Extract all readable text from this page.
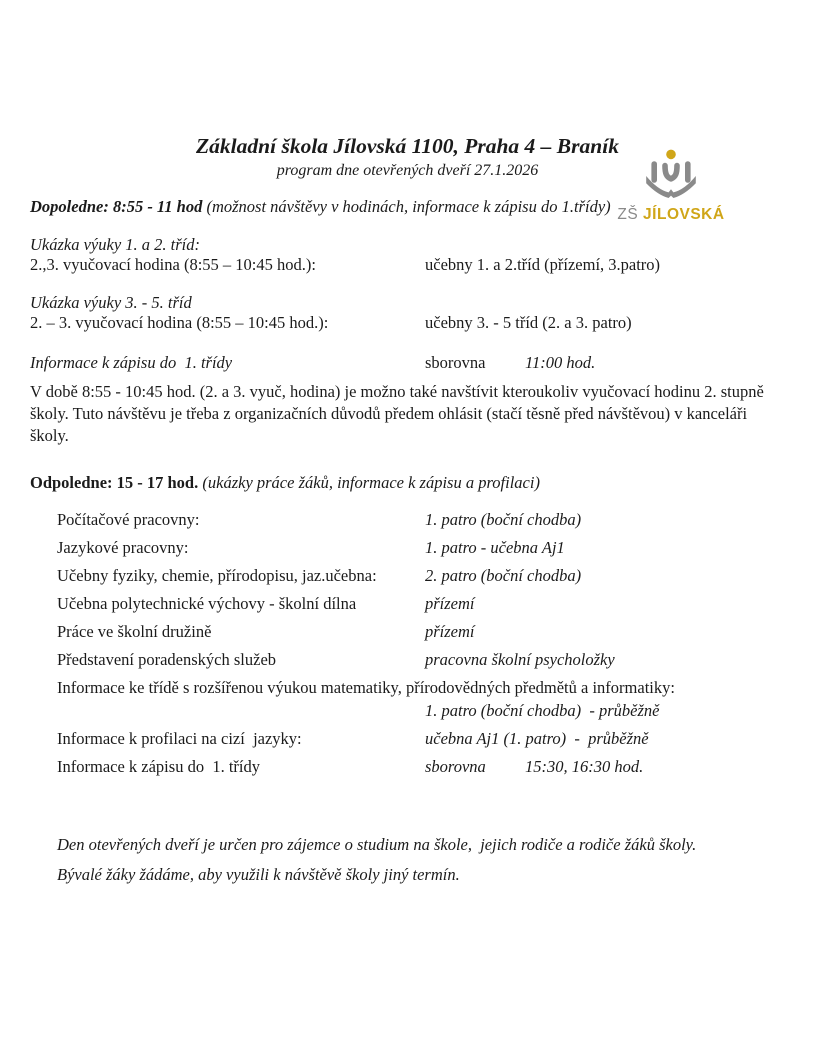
ZŠ JÍLOVSKÁ
Základní škola Jílovská 1100, Praha 4 – Braník

program dne otevřených dveří 27.1.2026

Dopoledne: 8:55 - 11 hod (možnost návštěvy v hodinách, informace k zápisu do 1.třídy)

Ukázka výuky 1. a 2. tříd:

2.,3. vyučovací hodina (8:55 – 10:45 hod.):	učebny 1. a 2.tříd (přízemí, 3.patro)

Ukázka výuky 3. - 5. tříd

2. – 3. vyučovací hodina (8:55 – 10:45 hod.):	učebny 3. - 5 tříd (2. a 3. patro)
Informace k zápisu do  1. třídy	sborovna	11:00 hod.

V době 8:55 - 10:45 hod. (2. a 3. vyuč, hodina) je možno také navštívit kteroukoliv vyučovací hodinu 2. stupně školy. Tuto návštěvu je třeba z organizačních důvodů předem ohlásit (stačí těsně před návštěvou) v kanceláři školy.

Odpoledne: 15 - 17 hod. (ukázky práce žáků, informace k zápisu a profilaci)

Počítačové pracovny:	1. patro (boční chodba)
Jazykové pracovny:	1. patro - učebna Aj1
Učebny fyziky, chemie, přírodopisu, jaz.učebna:	2. patro (boční chodba)
Učebna polytechnické výchovy - školní dílna	přízemí
Práce ve školní družině	přízemí
Představení poradenských služeb	pracovna školní psycholožky
Informace ke třídě s rozšířenou výukou matematiky, přírodovědných předmětů a informatiky:
1. patro (boční chodba)  - průběžně
Informace k profilaci na cizí  jazyky:	učebna Aj1 (1. patro)  -  průběžně
Informace k zápisu do  1. třídy	sborovna	15:30, 16:30 hod.

Den otevřených dveří je určen pro zájemce o studium na škole,  jejich rodiče a rodiče žáků školy.

Bývalé žáky žádáme, aby využili k návštěvě školy jiný termín.
